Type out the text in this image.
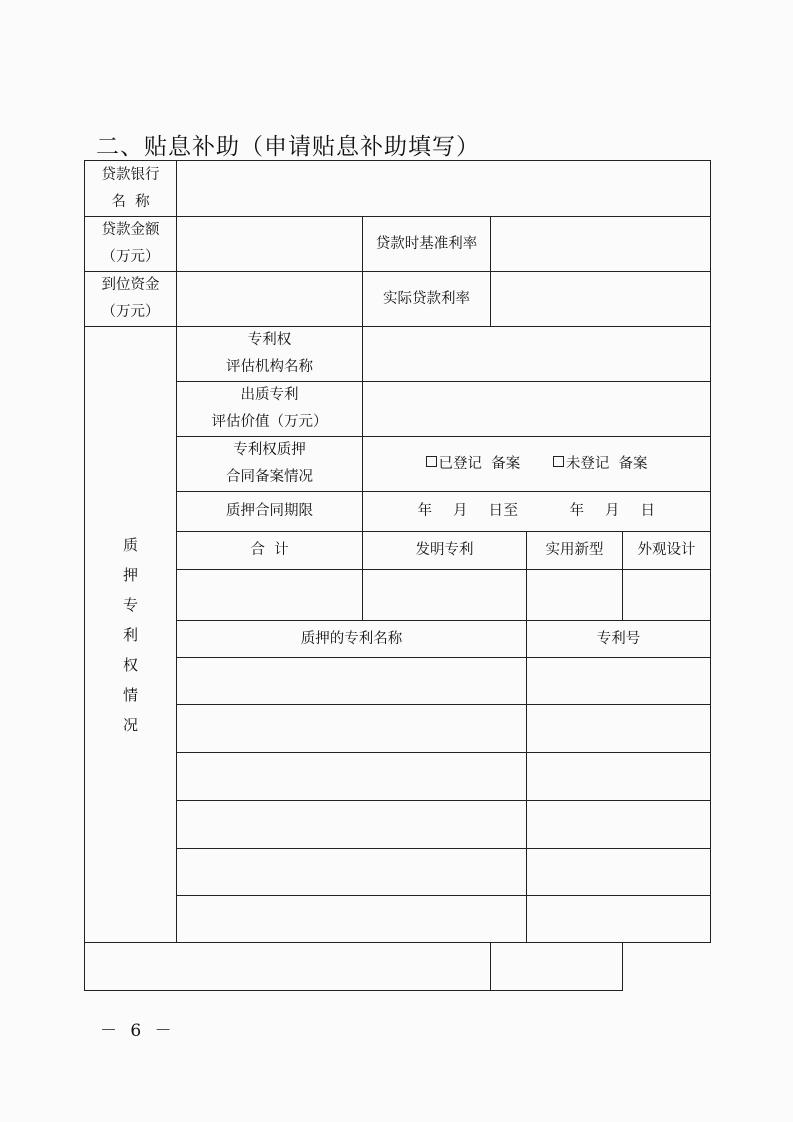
二、贴息补助（申请贴息补助填写）
贷款银行
名  称					

贷款金额
（万元）		贷款时基准利率			

到位资金
（万元）		实际贷款利率			
质押专利权情况	专利权
评估机构名称				

	出质专利
评估价值（万元）				

	专利权质押
合同备案情况	已登记  备案 未登记  备案			
	质押合同期限	年    月    日至          年    月    日			
	合  计	发明专利		实用新型	外观设计

	质押的专利名称			专利号	

－ 6 －
